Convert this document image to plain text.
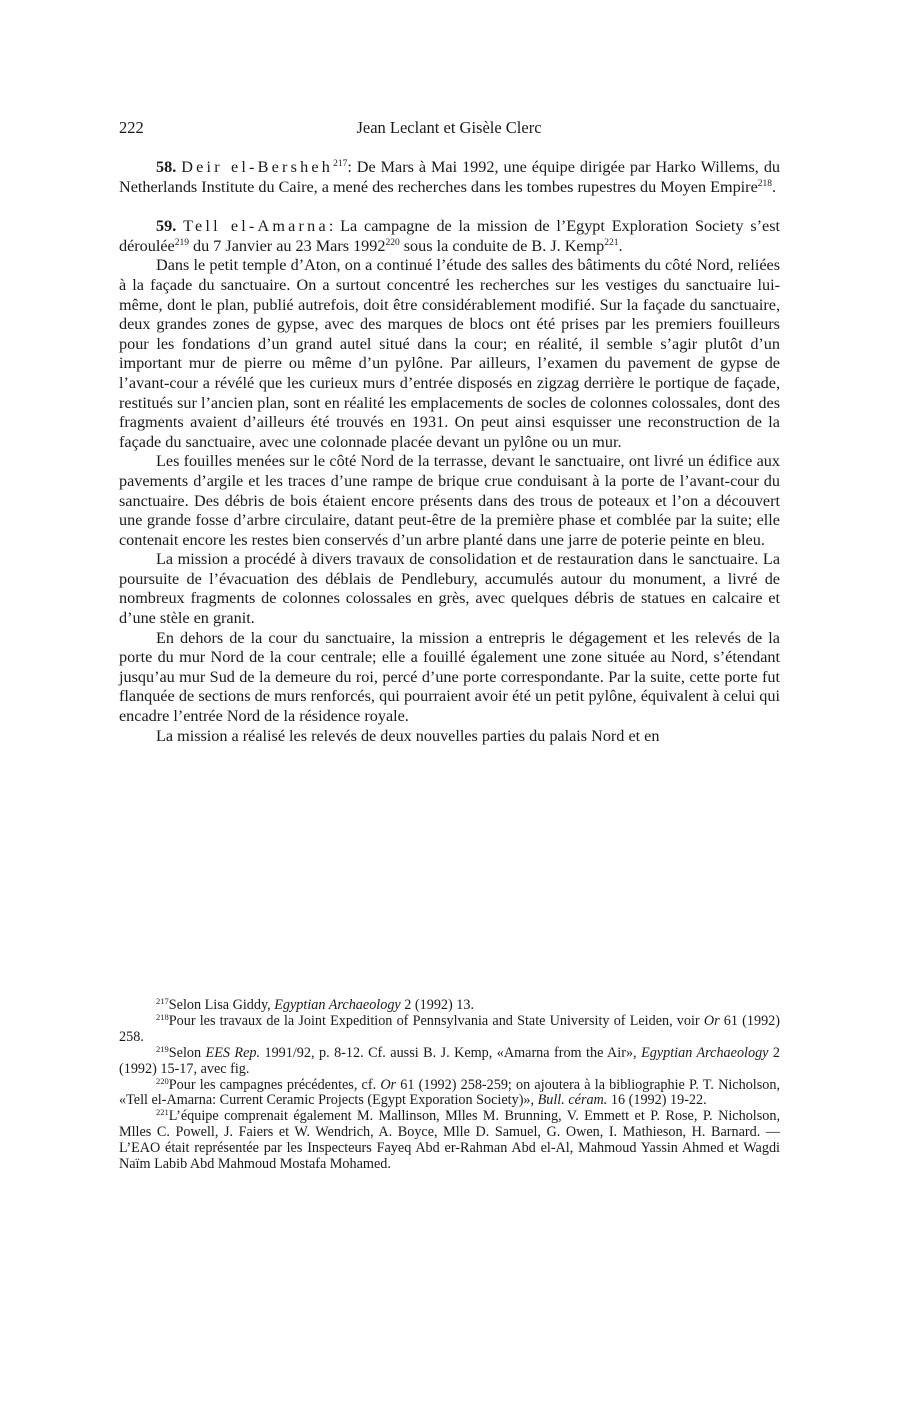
222	Jean Leclant et Gisèle Clerc

58. Deir el-Bersheh$^{217}$: De Mars à Mai 1992, une équipe dirigée par Harko Willems, du Netherlands Institute du Caire, a mené des recherches dans les tombes rupestres du Moyen Empire$^{218}$.

59. Tell el-Amarna: La campagne de la mission de l’Egypt Exploration Society s’est déroulée$^{219}$ du 7 Janvier au 23 Mars 1992$^{220}$ sous la conduite de B. J. Kemp$^{221}$.

Dans le petit temple d’Aton, on a continué l’étude des salles des bâtiments du côté Nord, reliées à la façade du sanctuaire. On a surtout concentré les recherches sur les vestiges du sanctuaire lui-même, dont le plan, publié autrefois, doit être considérablement modifié. Sur la façade du sanctuaire, deux grandes zones de gypse, avec des marques de blocs ont été prises par les premiers fouilleurs pour les fondations d’un grand autel situé dans la cour; en réalité, il semble s’agir plutôt d’un important mur de pierre ou même d’un pylône. Par ailleurs, l’examen du pavement de gypse de l’avant-cour a révélé que les curieux murs d’entrée disposés en zigzag derrière le portique de façade, restitués sur l’ancien plan, sont en réalité les emplacements de socles de colonnes colossales, dont des fragments avaient d’ailleurs été trouvés en 1931. On peut ainsi esquisser une reconstruction de la façade du sanctuaire, avec une colonnade placée devant un pylône ou un mur.

Les fouilles menées sur le côté Nord de la terrasse, devant le sanctuaire, ont livré un édifice aux pavements d’argile et les traces d’une rampe de brique crue conduisant à la porte de l’avant-cour du sanctuaire. Des débris de bois étaient encore présents dans des trous de poteaux et l’on a découvert une grande fosse d’arbre circulaire, datant peut-être de la première phase et comblée par la suite; elle contenait encore les restes bien conservés d’un arbre planté dans une jarre de poterie peinte en bleu.

La mission a procédé à divers travaux de consolidation et de restauration dans le sanctuaire. La poursuite de l’évacuation des déblais de Pendlebury, accumulés autour du monument, a livré de nombreux fragments de colonnes colossales en grès, avec quelques débris de statues en calcaire et d’une stèle en granit.

En dehors de la cour du sanctuaire, la mission a entrepris le dégagement et les relevés de la porte du mur Nord de la cour centrale; elle a fouillé également une zone située au Nord, s’étendant jusqu’au mur Sud de la demeure du roi, percé d’une porte correspondante. Par la suite, cette porte fut flanquée de sections de murs renforcés, qui pourraient avoir été un petit pylône, équivalent à celui qui encadre l’entrée Nord de la résidence royale.

La mission a réalisé les relevés de deux nouvelles parties du palais Nord et en

$^{217}$Selon Lisa Giddy, Egyptian Archaeology 2 (1992) 13.

$^{218}$Pour les travaux de la Joint Expedition of Pennsylvania and State University of Leiden, voir Or 61 (1992) 258.

$^{219}$Selon EES Rep. 1991/92, p. 8-12. Cf. aussi B. J. Kemp, «Amarna from the Air», Egyptian Archaeology 2 (1992) 15-17, avec fig.

$^{220}$Pour les campagnes précédentes, cf. Or 61 (1992) 258-259; on ajoutera à la bibliographie P. T. Nicholson, «Tell el-Amarna: Current Ceramic Projects (Egypt Exporation Society)», Bull. céram. 16 (1992) 19-22.

$^{221}$L’équipe comprenait également M. Mallinson, Mlles M. Brunning, V. Emmett et P. Rose, P. Nicholson, Mlles C. Powell, J. Faiers et W. Wendrich, A. Boyce, Mlle D. Samuel, G. Owen, I. Mathieson, H. Barnard. — L’EAO était représentée par les Inspecteurs Fayeq Abd er-Rahman Abd el-Al, Mahmoud Yassin Ahmed et Wagdi Naïm Labib Abd Mahmoud Mostafa Mohamed.
